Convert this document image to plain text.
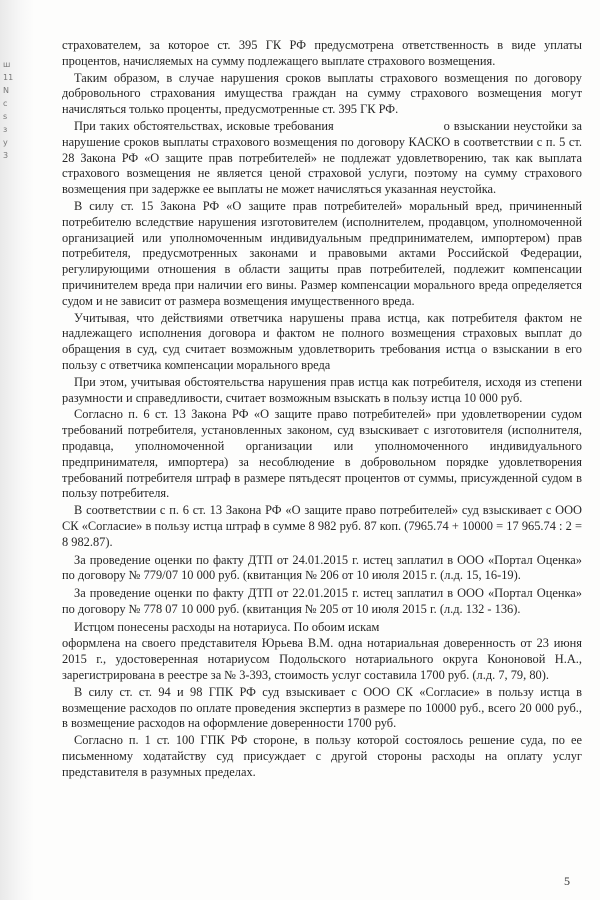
ш
11
N
с
s
з
у
3

страхователем, за которое ст. 395 ГК РФ предусмотрена ответственность в виде уплаты процентов, начисляемых на сумму подлежащего выплате страхового возмещения.

Таким образом, в случае нарушения сроков выплаты страхового возмещения по договору добровольного страхования имущества граждан на сумму страхового возмещения могут начисляться только проценты, предусмотренные ст. 395 ГК РФ.

При таких обстоятельствах, исковые требования	о взыскании неустойки за нарушение сроков выплаты страхового возмещения по договору КАСКО в соответствии с п. 5 ст. 28 Закона РФ «О защите прав потребителей» не подлежат удовлетворению, так как выплата страхового возмещения не является ценой страховой услуги, поэтому на сумму страхового возмещения при задержке ее выплаты не может начисляться указанная неустойка.

В силу ст. 15 Закона РФ «О защите прав потребителей» моральный вред, причиненный потребителю вследствие нарушения изготовителем (исполнителем, продавцом, уполномоченной организацией или уполномоченным индивидуальным предпринимателем, импортером) прав потребителя, предусмотренных законами и правовыми актами Российской Федерации, регулирующими отношения в области защиты прав потребителей, подлежит компенсации причинителем вреда при наличии его вины. Размер компенсации морального вреда определяется судом и не зависит от размера возмещения имущественного вреда.

Учитывая, что действиями ответчика нарушены права истца, как потребителя фактом не надлежащего исполнения договора и фактом не полного возмещения страховых выплат до обращения в суд, суд считает возможным удовлетворить требования истца о взыскании в его пользу с ответчика компенсации морального вреда

При этом, учитывая обстоятельства нарушения прав истца как потребителя, исходя из степени разумности и справедливости, считает возможным взыскать в пользу истца 10 000 руб.

Согласно п. 6 ст. 13 Закона РФ «О защите право потребителей» при удовлетворении судом требований потребителя, установленных законом, суд взыскивает с изготовителя (исполнителя, продавца, уполномоченной организации или уполномоченного индивидуального предпринимателя, импортера) за несоблюдение в добровольном порядке удовлетворения требований потребителя штраф в размере пятьдесят процентов от суммы, присужденной судом в пользу потребителя.

В соответствии с п. 6 ст. 13 Закона РФ «О защите право потребителей» суд взыскивает с ООО СК «Согласие» в пользу истца штраф в сумме 8 982 руб. 87 коп. (7965.74 + 10000 = 17 965.74 : 2 = 8 982.87).

За проведение оценки по факту ДТП от 24.01.2015 г. истец заплатил в ООО «Портал Оценка» по договору № 779/07 10 000 руб. (квитанция № 206 от 10 июля 2015 г. (л.д. 15, 16-19).

За проведение оценки по факту ДТП от 22.01.2015 г. истец заплатил в ООО «Портал Оценка» по договору № 778 07 10 000 руб. (квитанция № 205 от 10 июля 2015 г. (л.д. 132 - 136).

Истцом понесены расходы на нотариуса. По обоим искам

оформлена на своего представителя Юрьева В.М. одна нотариальная доверенность от 23 июня 2015 г., удостоверенная нотариусом Подольского нотариального округа Кононовой Н.А., зарегистрирована в реестре за № 3-393, стоимость услуг составила 1700 руб. (л.д. 7, 79, 80).

В силу ст. ст. 94 и 98 ГПК РФ суд взыскивает с ООО СК «Согласие» в пользу истца в возмещение расходов по оплате проведения экспертиз в размере по 10000 руб., всего 20 000 руб., в возмещение расходов на оформление доверенности 1700 руб.

Согласно п. 1 ст. 100 ГПК РФ стороне, в пользу которой состоялось решение суда, по ее письменному ходатайству суд присуждает с другой стороны расходы на оплату услуг представителя в разумных пределах.

5
